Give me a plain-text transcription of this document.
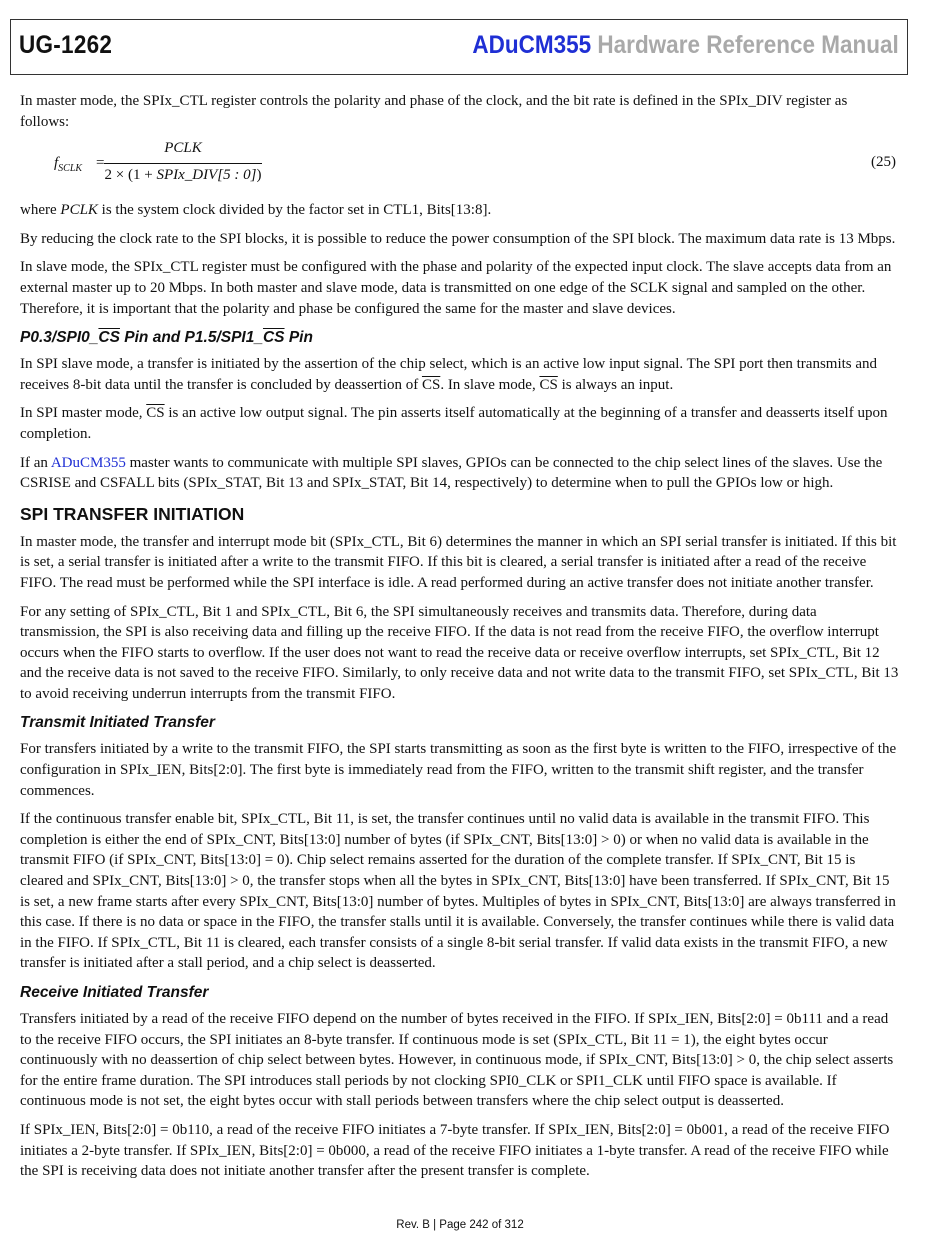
UG-1262	ADuCM355 Hardware Reference Manual

In master mode, the SPIx_CTL register controls the polarity and phase of the clock, and the bit rate is defined in the SPIx_DIV register as follows:

$f_{SCLK}$ =
PCLK
2 × (1 + SPIx_DIV[5 : 0])
(25)

where PCLK is the system clock divided by the factor set in CTL1, Bits[13:8].

By reducing the clock rate to the SPI blocks, it is possible to reduce the power consumption of the SPI block. The maximum data rate is 13 Mbps.

In slave mode, the SPIx_CTL register must be configured with the phase and polarity of the expected input clock. The slave accepts data from an external master up to 20 Mbps. In both master and slave mode, data is transmitted on one edge of the SCLK signal and sampled on the other. Therefore, it is important that the polarity and phase be configured the same for the master and slave devices.

P0.3/SPI0_CS Pin and P1.5/SPI1_CS Pin

In SPI slave mode, a transfer is initiated by the assertion of the chip select, which is an active low input signal. The SPI port then transmits and receives 8-bit data until the transfer is concluded by deassertion of $\overline{CS}$. In slave mode, $\overline{CS}$ is always an input.

In SPI master mode, $\overline{CS}$ is an active low output signal. The pin asserts itself automatically at the beginning of a transfer and deasserts itself upon completion.

If an ADuCM355 master wants to communicate with multiple SPI slaves, GPIOs can be connected to the chip select lines of the slaves. Use the CSRISE and CSFALL bits (SPIx_STAT, Bit 13 and SPIx_STAT, Bit 14, respectively) to determine when to pull the GPIOs low or high.

SPI TRANSFER INITIATION

In master mode, the transfer and interrupt mode bit (SPIx_CTL, Bit 6) determines the manner in which an SPI serial transfer is initiated. If this bit is set, a serial transfer is initiated after a write to the transmit FIFO. If this bit is cleared, a serial transfer is initiated after a read of the receive FIFO. The read must be performed while the SPI interface is idle. A read performed during an active transfer does not initiate another transfer.

For any setting of SPIx_CTL, Bit 1 and SPIx_CTL, Bit 6, the SPI simultaneously receives and transmits data. Therefore, during data transmission, the SPI is also receiving data and filling up the receive FIFO. If the data is not read from the receive FIFO, the overflow interrupt occurs when the FIFO starts to overflow. If the user does not want to read the receive data or receive overflow interrupts, set SPIx_CTL, Bit 12 and the receive data is not saved to the receive FIFO. Similarly, to only receive data and not write data to the transmit FIFO, set SPIx_CTL, Bit 13 to avoid receiving underrun interrupts from the transmit FIFO.

Transmit Initiated Transfer

For transfers initiated by a write to the transmit FIFO, the SPI starts transmitting as soon as the first byte is written to the FIFO, irrespective of the configuration in SPIx_IEN, Bits[2:0]. The first byte is immediately read from the FIFO, written to the transmit shift register, and the transfer commences.

If the continuous transfer enable bit, SPIx_CTL, Bit 11, is set, the transfer continues until no valid data is available in the transmit FIFO. This completion is either the end of SPIx_CNT, Bits[13:0] number of bytes (if SPIx_CNT, Bits[13:0] > 0) or when no valid data is available in the transmit FIFO (if SPIx_CNT, Bits[13:0] = 0). Chip select remains asserted for the duration of the complete transfer. If SPIx_CNT, Bit 15 is cleared and SPIx_CNT, Bits[13:0] > 0, the transfer stops when all the bytes in SPIx_CNT, Bits[13:0] have been transferred. If SPIx_CNT, Bit 15 is set, a new frame starts after every SPIx_CNT, Bits[13:0] number of bytes. Multiples of bytes in SPIx_CNT, Bits[13:0] are always transferred in this case. If there is no data or space in the FIFO, the transfer stalls until it is available. Conversely, the transfer continues while there is valid data in the FIFO. If SPIx_CTL, Bit 11 is cleared, each transfer consists of a single 8-bit serial transfer. If valid data exists in the transmit FIFO, a new transfer is initiated after a stall period, and a chip select is deasserted.

Receive Initiated Transfer

Transfers initiated by a read of the receive FIFO depend on the number of bytes received in the FIFO. If SPIx_IEN, Bits[2:0] = 0b111 and a read to the receive FIFO occurs, the SPI initiates an 8-byte transfer. If continuous mode is set (SPIx_CTL, Bit 11 = 1), the eight bytes occur continuously with no deassertion of chip select between bytes. However, in continuous mode, if SPIx_CNT, Bits[13:0] > 0, the chip select asserts for the entire frame duration. The SPI introduces stall periods by not clocking SPI0_CLK or SPI1_CLK until FIFO space is available. If continuous mode is not set, the eight bytes occur with stall periods between transfers where the chip select output is deasserted.

If SPIx_IEN, Bits[2:0] = 0b110, a read of the receive FIFO initiates a 7-byte transfer. If SPIx_IEN, Bits[2:0] = 0b001, a read of the receive FIFO initiates a 2-byte transfer. If SPIx_IEN, Bits[2:0] = 0b000, a read of the receive FIFO initiates a 1-byte transfer. A read of the receive FIFO while the SPI is receiving data does not initiate another transfer after the present transfer is complete.

Rev. B | Page 242 of 312
